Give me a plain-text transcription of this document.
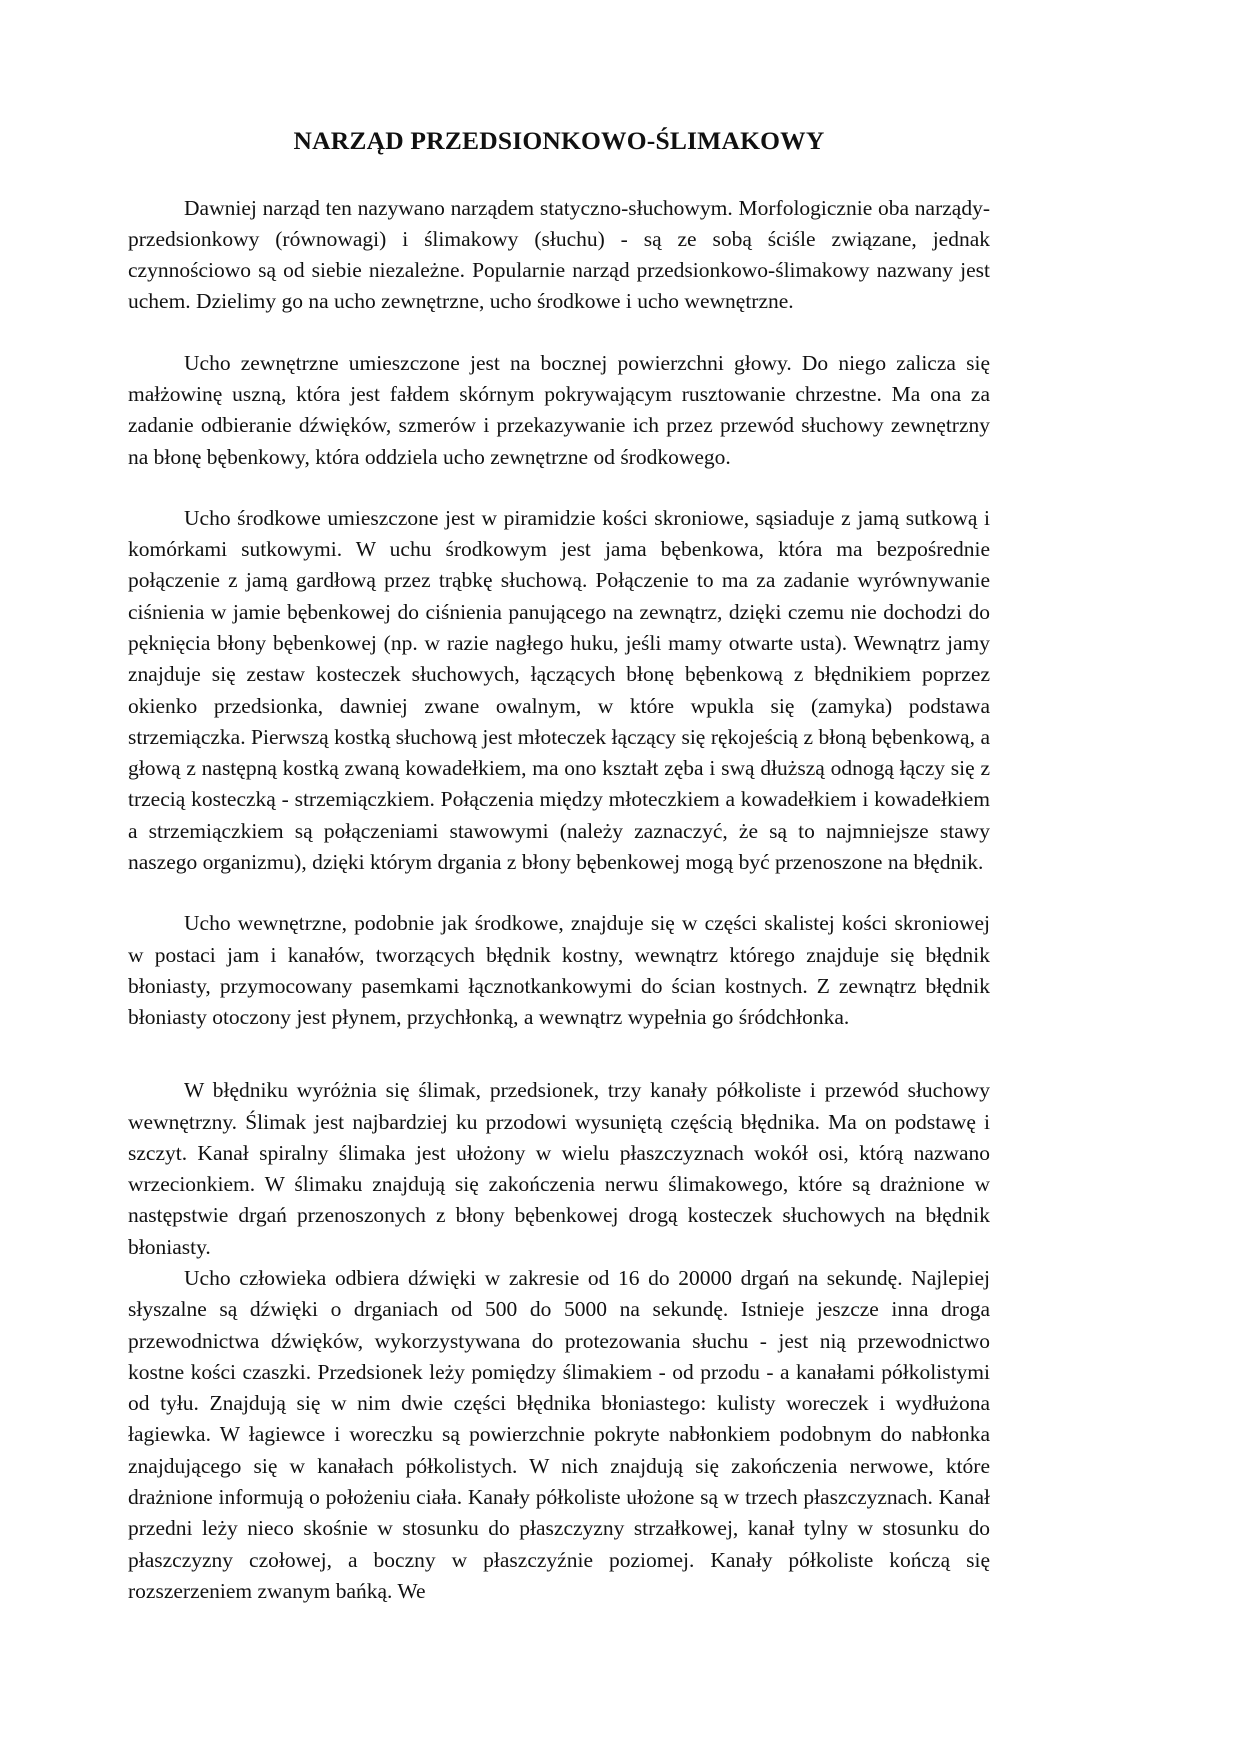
NARZĄD PRZEDSIONKOWO-ŚLIMAKOWY

Dawniej narząd ten nazywano narządem statyczno-słuchowym. Morfologicznie oba narządy- przedsionkowy (równowagi) i ślimakowy (słuchu) - są ze sobą ściśle związane, jednak czynnościowo są od siebie niezależne. Popularnie narząd przedsionkowo-ślimakowy nazwany jest uchem. Dzielimy go na ucho zewnętrzne, ucho środkowe i ucho wewnętrzne.

Ucho zewnętrzne umieszczone jest na bocznej powierzchni głowy. Do niego zalicza się małżowinę uszną, która jest fałdem skórnym pokrywającym rusztowanie chrzestne. Ma ona za zadanie odbieranie dźwięków, szmerów i przekazywanie ich przez przewód słuchowy zewnętrzny na błonę bębenkowy, która oddziela ucho zewnętrzne od środkowego.

Ucho środkowe umieszczone jest w piramidzie kości skroniowe, sąsiaduje z jamą sutkową i komórkami sutkowymi. W uchu środkowym jest jama bębenkowa, która ma bezpośrednie połączenie z jamą gardłową przez trąbkę słuchową. Połączenie to ma za zadanie wyrównywanie ciśnienia w jamie bębenkowej do ciśnienia panującego na zewnątrz, dzięki czemu nie dochodzi do pęknięcia błony bębenkowej (np. w razie nagłego huku, jeśli mamy otwarte usta). Wewnątrz jamy znajduje się zestaw kosteczek słuchowych, łączących błonę bębenkową z błędnikiem poprzez okienko przedsionka, dawniej zwane owalnym, w które wpukla się (zamyka) podstawa strzemiączka. Pierwszą kostką słuchową jest młoteczek łączący się rękojeścią z błoną bębenkową, a głową z następną kostką zwaną kowadełkiem, ma ono kształt zęba i swą dłuższą odnogą łączy się z trzecią kosteczką - strzemiączkiem. Połączenia między młoteczkiem a kowadełkiem i kowadełkiem a strzemiączkiem są połączeniami stawowymi (należy zaznaczyć, że są to najmniejsze stawy naszego organizmu), dzięki którym drgania z błony bębenkowej mogą być przenoszone na błędnik.

Ucho wewnętrzne, podobnie jak środkowe, znajduje się w części skalistej kości skroniowej w postaci jam i kanałów, tworzących błędnik kostny, wewnątrz którego znajduje się błędnik błoniasty, przymocowany pasemkami łącznotkankowymi do ścian kostnych. Z zewnątrz błędnik błoniasty otoczony jest płynem, przychłonką, a wewnątrz wypełnia go śródchłonka.

W błędniku wyróżnia się ślimak, przedsionek, trzy kanały półkoliste i przewód słuchowy wewnętrzny. Ślimak jest najbardziej ku przodowi wysuniętą częścią błędnika. Ma on podstawę i szczyt. Kanał spiralny ślimaka jest ułożony w wielu płaszczyznach wokół osi, którą nazwano wrzecionkiem. W ślimaku znajdują się zakończenia nerwu ślimakowego, które są drażnione w następstwie drgań przenoszonych z błony bębenkowej drogą kosteczek słuchowych na błędnik błoniasty.

Ucho człowieka odbiera dźwięki w zakresie od 16 do 20000 drgań na sekundę. Najlepiej słyszalne są dźwięki o drganiach od 500 do 5000 na sekundę. Istnieje jeszcze inna droga przewodnictwa dźwięków, wykorzystywana do protezowania słuchu - jest nią przewodnictwo kostne kości czaszki. Przedsionek leży pomiędzy ślimakiem - od przodu - a kanałami półkolistymi od tyłu. Znajdują się w nim dwie części błędnika błoniastego: kulisty woreczek i wydłużona łagiewka. W łagiewce i woreczku są powierzchnie pokryte nabłonkiem podobnym do nabłonka znajdującego się w kanałach półkolistych. W nich znajdują się zakończenia nerwowe, które drażnione informują o położeniu ciała. Kanały półkoliste ułożone są w trzech płaszczyznach. Kanał przedni leży nieco skośnie w stosunku do płaszczyzny strzałkowej, kanał tylny w stosunku do płaszczyzny czołowej, a boczny w płaszczyźnie poziomej. Kanały półkoliste kończą się rozszerzeniem zwanym bańką. We
